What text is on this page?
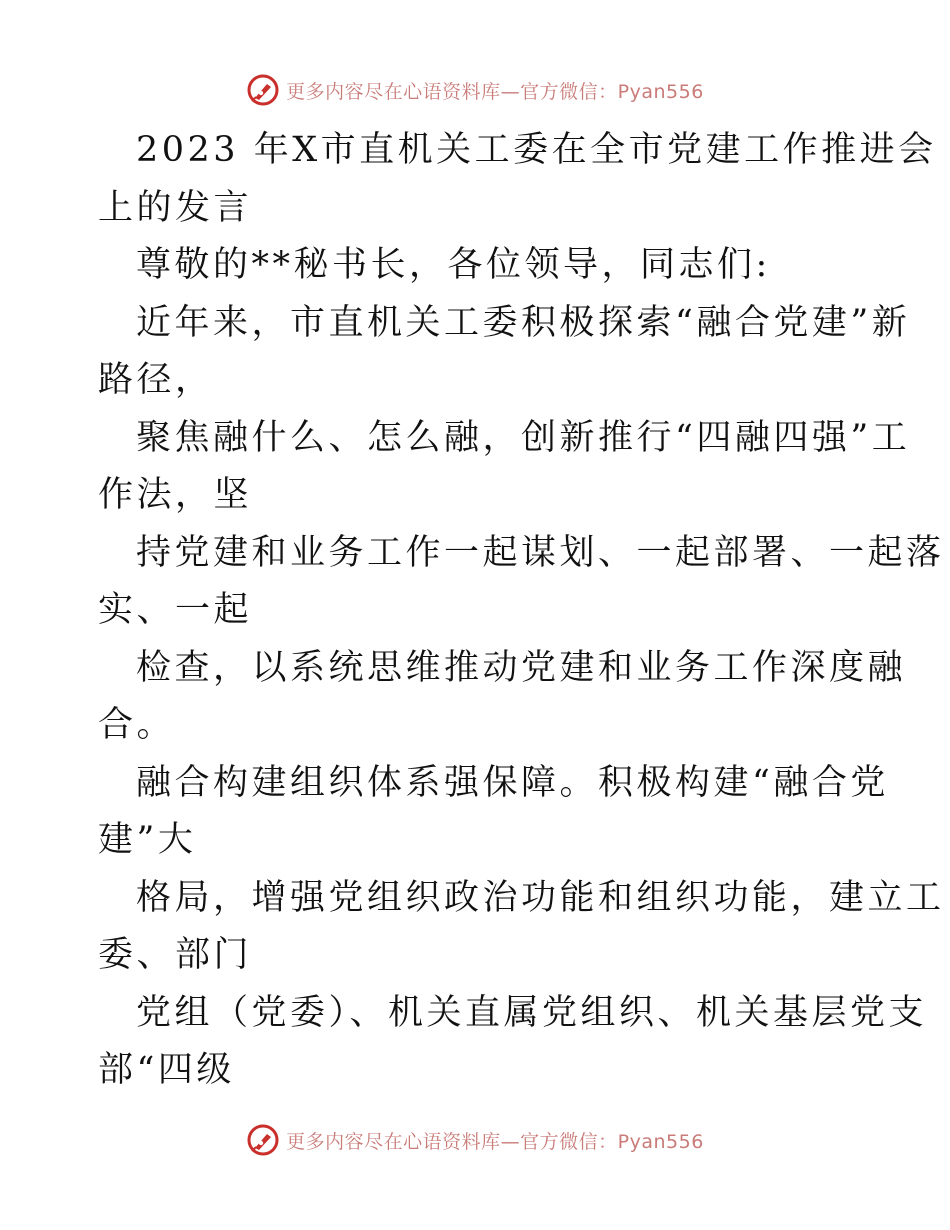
更多内容尽在心语资料库—官方微信：Pyan556
2023 年X市直机关工委在全市党建工作推进会
上的发言
尊敬的**秘书长，各位领导，同志们:
近年来，市直机关工委积极探索“融合党建”新
路径，
聚焦融什么、怎么融，创新推行“四融四强”工
作法，坚
持党建和业务工作一起谋划、一起部署、一起落
实、一起
检查，以系统思维推动党建和业务工作深度融
合。
融合构建组织体系强保障。积极构建“融合党
建”大
格局，增强党组织政治功能和组织功能，建立工
委、部门
党组（党委）、机关直属党组织、机关基层党支
部“四级
更多内容尽在心语资料库—官方微信：Pyan556
